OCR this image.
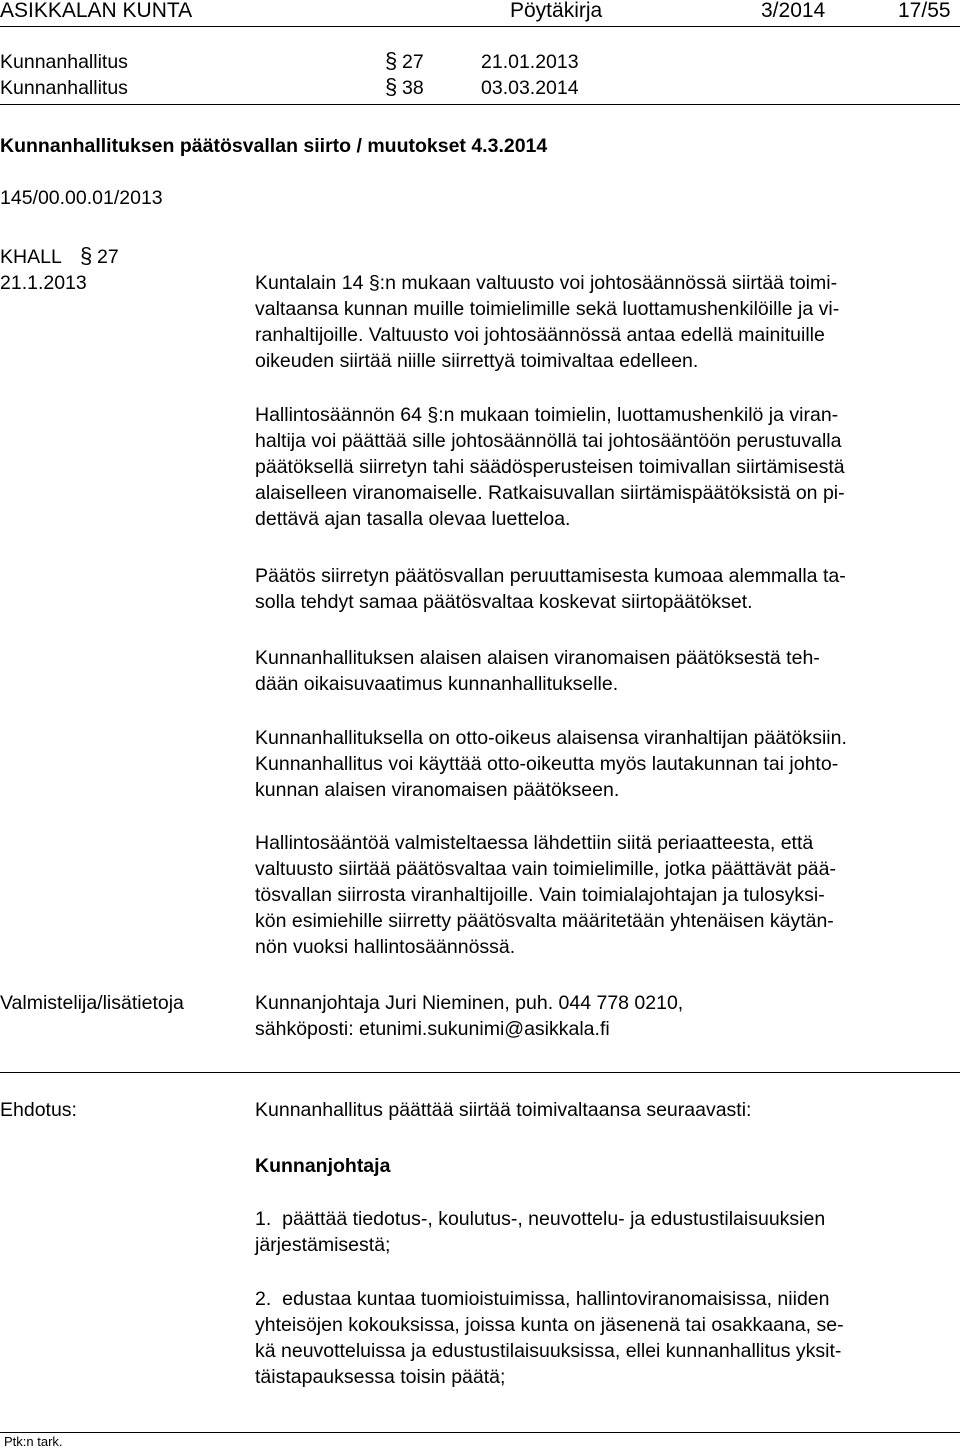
ASIKKALAN KUNTA	Pöytäkirja	3/2014	17/55
Kunnanhallitus	§ 27	21.01.2013
Kunnanhallitus	§ 38	03.03.2014
Kunnanhallituksen päätösvallan siirto / muutokset 4.3.2014
145/00.00.01/2013
KHALL § 27
21.1.2013	Kuntalain 14 §:n mukaan valtuusto voi johtosäännössä siirtää toimi-
valtaansa kunnan muille toimielimille sekä luottamushenkilöille ja vi-
ranhaltijoille. Valtuusto voi johtosäännössä antaa edellä mainituille
oikeuden siirtää niille siirrettyä toimivaltaa edelleen.
Hallintosäännön 64 §:n mukaan toimielin, luottamushenkilö ja viran-
haltija voi päättää sille johtosäännöllä tai johtosääntöön perustuvalla
päätöksellä siirretyn tahi säädösperusteisen toimivallan siirtämisestä
alaiselleen viranomaiselle. Ratkaisuvallan siirtämispäätöksistä on pi-
dettävä ajan tasalla olevaa luetteloa.
Päätös siirretyn päätösvallan peruuttamisesta kumoaa alemmalla ta-
solla tehdyt samaa päätösvaltaa koskevat siirtopäätökset.
Kunnanhallituksen alaisen alaisen viranomaisen päätöksestä teh-
dään oikaisuvaatimus kunnanhallitukselle.
Kunnanhallituksella on otto-oikeus alaisensa viranhaltijan päätöksiin.
Kunnanhallitus voi käyttää otto-oikeutta myös lautakunnan tai johto-
kunnan alaisen viranomaisen päätökseen.
Hallintosääntöä valmisteltaessa lähdettiin siitä periaatteesta, että
valtuusto siirtää päätösvaltaa vain toimielimille, jotka päättävät pää-
tösvallan siirrosta viranhaltijoille. Vain toimialajohtajan ja tulosyksi-
kön esimiehille siirretty päätösvalta määritetään yhtenäisen käytän-
nön vuoksi hallintosäännössä.
Valmistelija/lisätietoja	Kunnanjohtaja Juri Nieminen, puh. 044 778 0210,
sähköposti: etunimi.sukunimi@asikkala.fi
Ehdotus:	Kunnanhallitus päättää siirtää toimivaltaansa seuraavasti:
Kunnanjohtaja
1. päättää tiedotus-, koulutus-, neuvottelu- ja edustustilaisuuksien
järjestämisestä;
2. edustaa kuntaa tuomioistuimissa, hallintoviranomaisissa, niiden
yhteisöjen kokouksissa, joissa kunta on jäsenenä tai osakkaana, se-
kä neuvotteluissa ja edustustilaisuuksissa, ellei kunnanhallitus yksit-
täistapauksessa toisin päätä;
Ptk:n tark.
